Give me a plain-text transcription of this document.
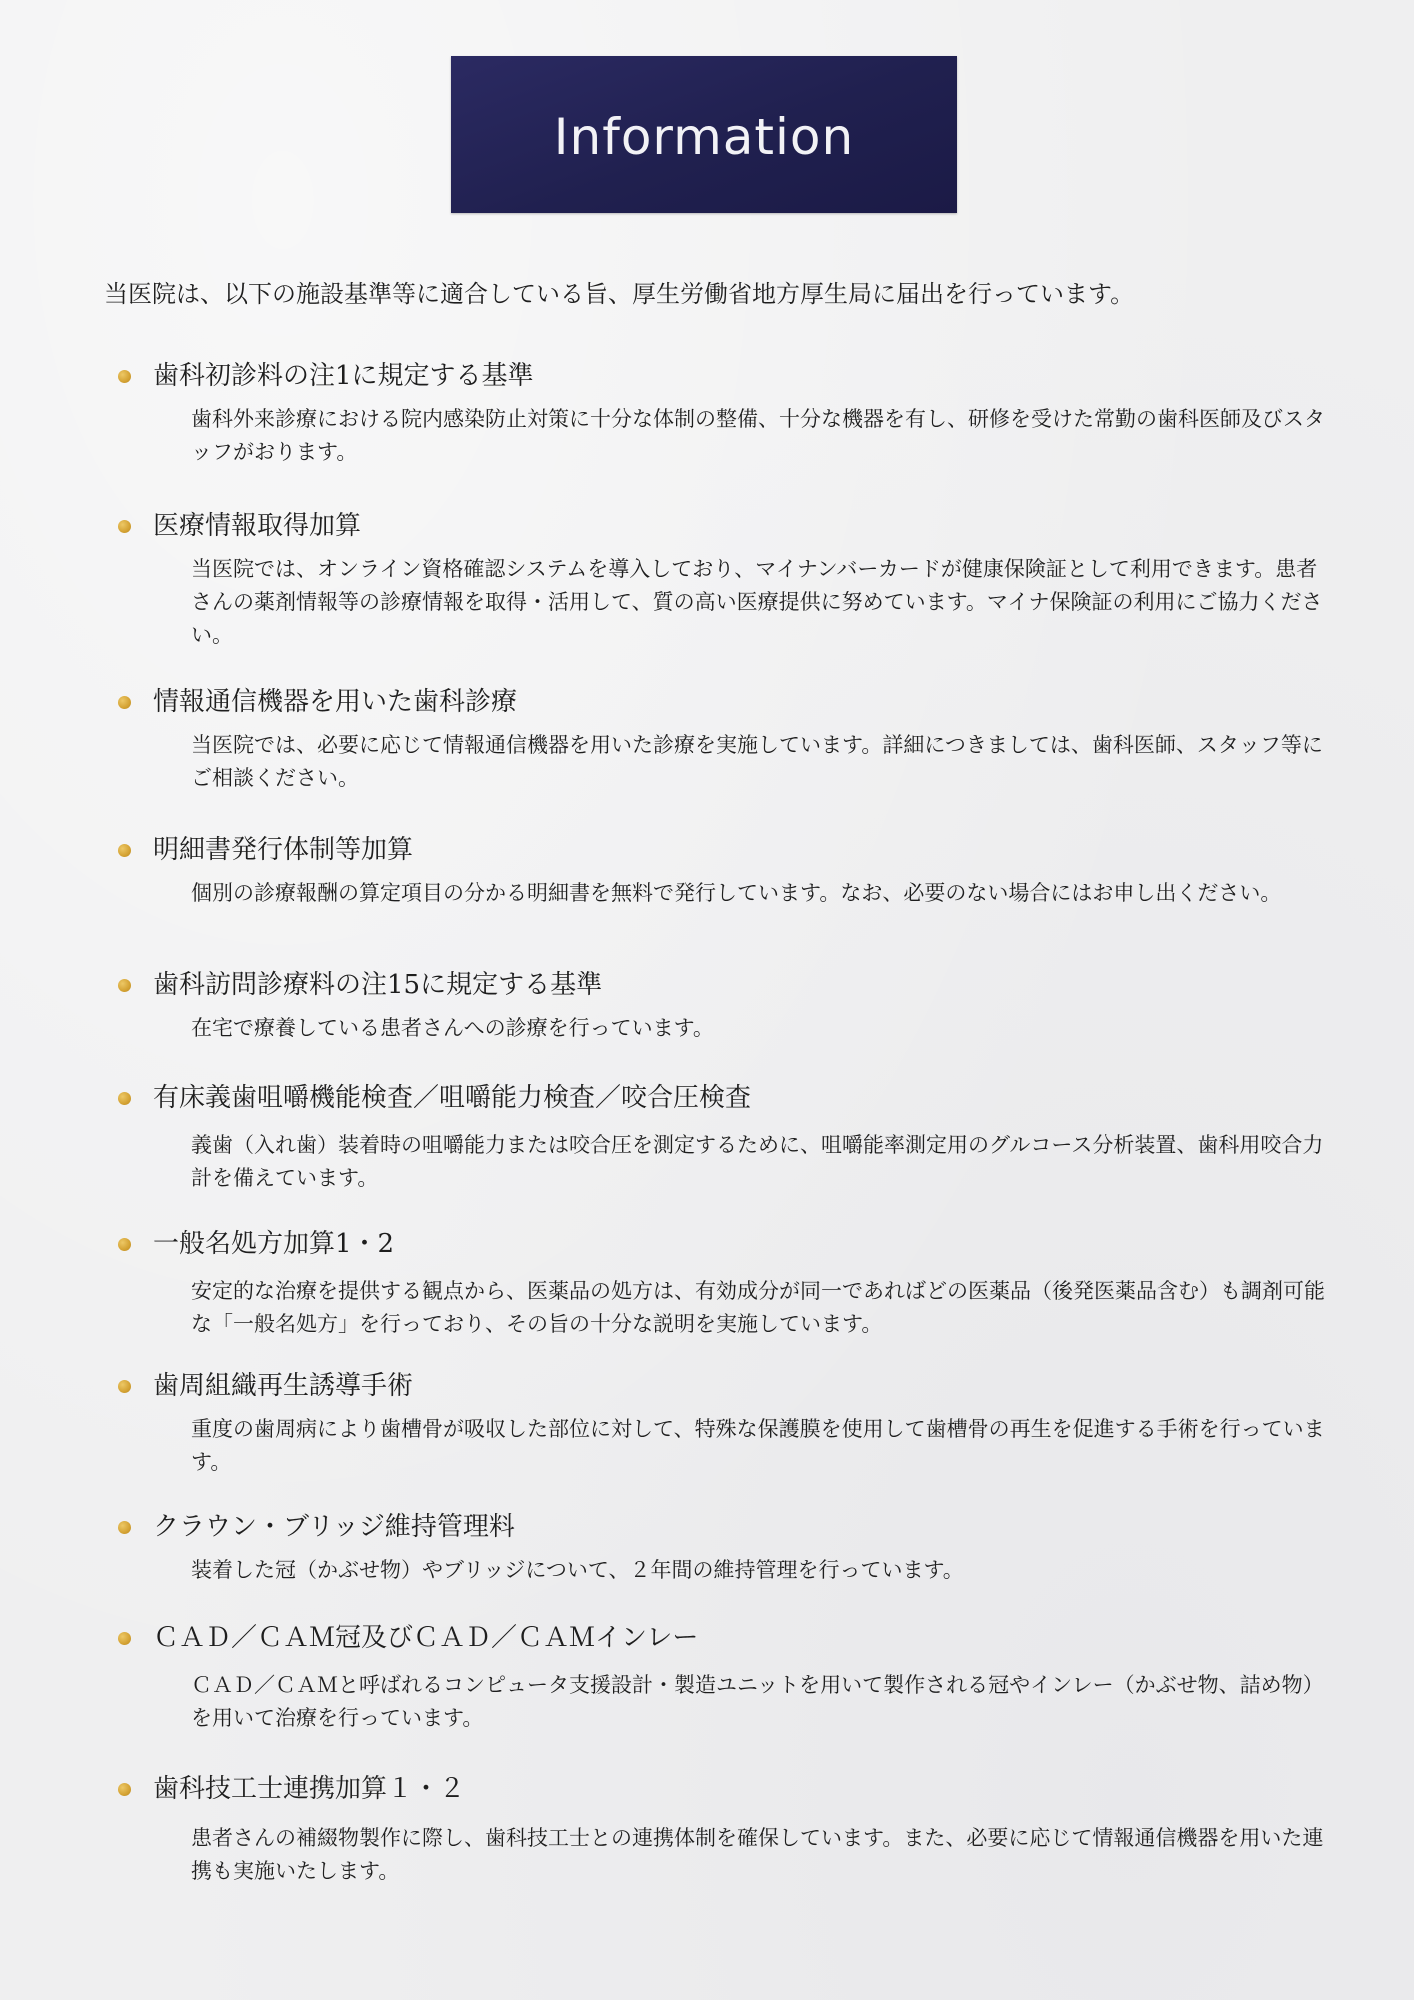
Information
当医院は、以下の施設基準等に適合している旨、厚生労働省地方厚生局に届出を行っています。
歯科初診料の注1に規定する基準
歯科外来診療における院内感染防止対策に十分な体制の整備、十分な機器を有し、研修を受けた常勤の歯科医師及びスタッフがおります。
医療情報取得加算
当医院では、オンライン資格確認システムを導入しており、マイナンバーカードが健康保険証として利用できます。患者さんの薬剤情報等の診療情報を取得・活用して、質の高い医療提供に努めています。マイナ保険証の利用にご協力ください。
情報通信機器を用いた歯科診療
当医院では、必要に応じて情報通信機器を用いた診療を実施しています。詳細につきましては、歯科医師、スタッフ等にご相談ください。
明細書発行体制等加算
個別の診療報酬の算定項目の分かる明細書を無料で発行しています。なお、必要のない場合にはお申し出ください。
歯科訪問診療料の注15に規定する基準
在宅で療養している患者さんへの診療を行っています。
有床義歯咀嚼機能検査／咀嚼能力検査／咬合圧検査
義歯（入れ歯）装着時の咀嚼能力または咬合圧を測定するために、咀嚼能率測定用のグルコース分析装置、歯科用咬合力計を備えています。
一般名処方加算1・2
安定的な治療を提供する観点から、医薬品の処方は、有効成分が同一であればどの医薬品（後発医薬品含む）も調剤可能な「一般名処方」を行っており、その旨の十分な説明を実施しています。
歯周組織再生誘導手術
重度の歯周病により歯槽骨が吸収した部位に対して、特殊な保護膜を使用して歯槽骨の再生を促進する手術を行っています。
クラウン・ブリッジ維持管理料
装着した冠（かぶせ物）やブリッジについて、２年間の維持管理を行っています。
ＣＡＤ／ＣＡＭ冠及びＣＡＤ／ＣＡＭインレー
ＣＡＤ／ＣＡＭと呼ばれるコンピュータ支援設計・製造ユニットを用いて製作される冠やインレー（かぶせ物、詰め物）を用いて治療を行っています。
歯科技工士連携加算１・２
患者さんの補綴物製作に際し、歯科技工士との連携体制を確保しています。また、必要に応じて情報通信機器を用いた連携も実施いたします。
